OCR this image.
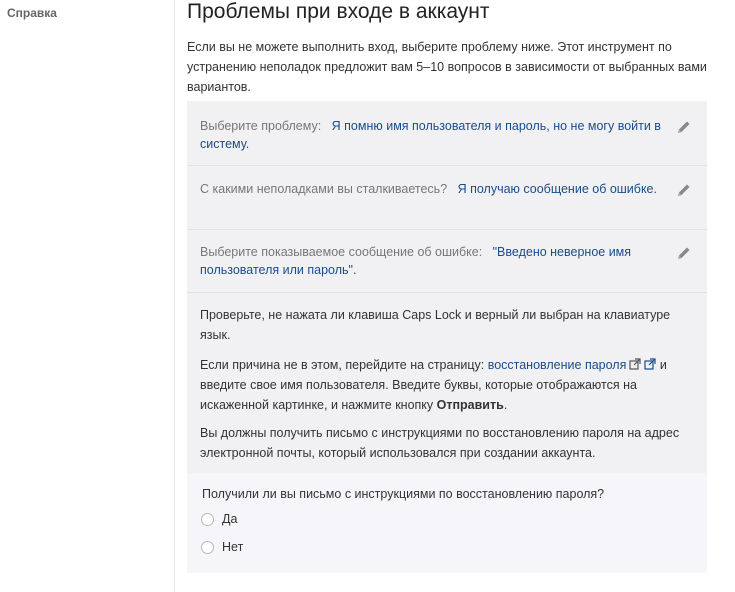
Справка	Проблемы при входе в аккаунт
Если вы не можете выполнить вход, выберите проблему ниже. Этот инструмент по устранению неполадок предложит вам 5–10 вопросов в зависимости от выбранных вами вариантов.
Выберите проблему: Я помню имя пользователя и пароль, но не могу войти в систему.
С какими неполадками вы сталкиваетесь? Я получаю сообщение об ошибке.
Выберите показываемое сообщение об ошибке: "Введено неверное имя пользователя или пароль".
Проверьте, не нажата ли клавиша Caps Lock и верный ли выбран на клавиатуре язык.
Если причина не в этом, перейдите на страницу: восстановление пароля и введите свое имя пользователя. Введите буквы, которые отображаются на искаженной картинке, и нажмите кнопку Отправить.
Вы должны получить письмо с инструкциями по восстановлению пароля на адрес электронной почты, который использовался при создании аккаунта.
Получили ли вы письмо с инструкциями по восстановлению пароля?
Да
Нет
